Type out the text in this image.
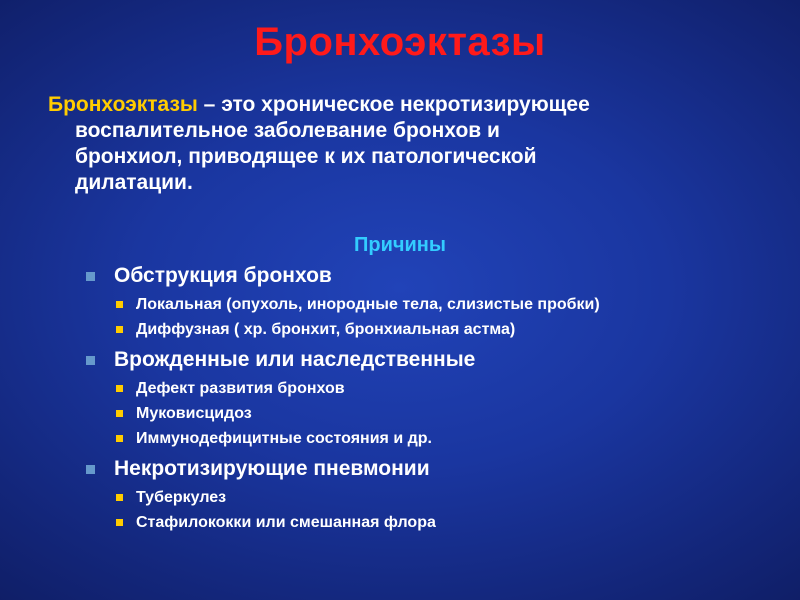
Бронхоэктазы
Бронхоэктазы – это хроническое некротизирующее
воспалительное заболевание бронхов и
бронхиол, приводящее к их патологической
дилатации.
Причины
Обструкция бронхов
Локальная (опухоль, инородные тела, слизистые пробки)
Диффузная ( хр. бронхит, бронхиальная астма)
Врожденные или наследственные
Дефект развития бронхов
Муковисцидоз
Иммунодефицитные состояния и др.
Некротизирующие пневмонии
Туберкулез
Стафилококки или смешанная флора
